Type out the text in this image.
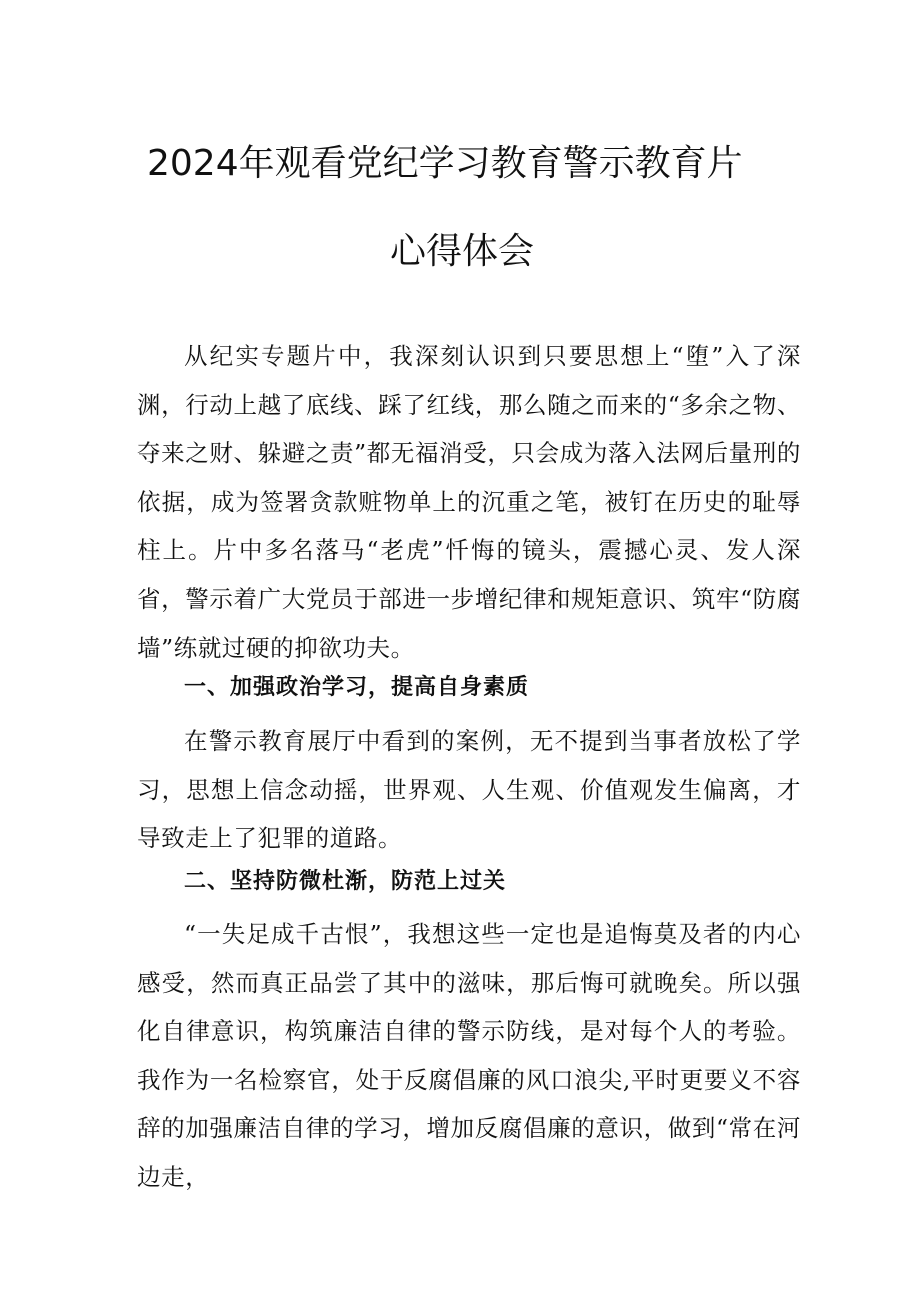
2024年观看党纪学习教育警示教育片
心得体会

从纪实专题片中，我深刻认识到只要思想上“堕”入了深渊，行动上越了底线、踩了红线，那么随之而来的“多余之物、夺来之财、躲避之责”都无福消受，只会成为落入法网后量刑的依据，成为签署贪款赃物单上的沉重之笔，被钉在历史的耻辱柱上。片中多名落马“老虎”忏悔的镜头，震撼心灵、发人深省，警示着广大党员于部进一步增纪律和规矩意识、筑牢“防腐墙”练就过硬的抑欲功夫。

一、加强政治学习，提高自身素质

在警示教育展厅中看到的案例，无不提到当事者放松了学习，思想上信念动摇，世界观、人生观、价值观发生偏离，才导致走上了犯罪的道路。

二、坚持防微杜渐，防范上过关

“一失足成千古恨”，我想这些一定也是追悔莫及者的内心感受，然而真正品尝了其中的滋味，那后悔可就晚矣。所以强化自律意识，构筑廉洁自律的警示防线，是对每个人的考验。我作为一名检察官，处于反腐倡廉的风口浪尖,平时更要义不容辞的加强廉洁自律的学习，增加反腐倡廉的意识，做到“常在河边走，
